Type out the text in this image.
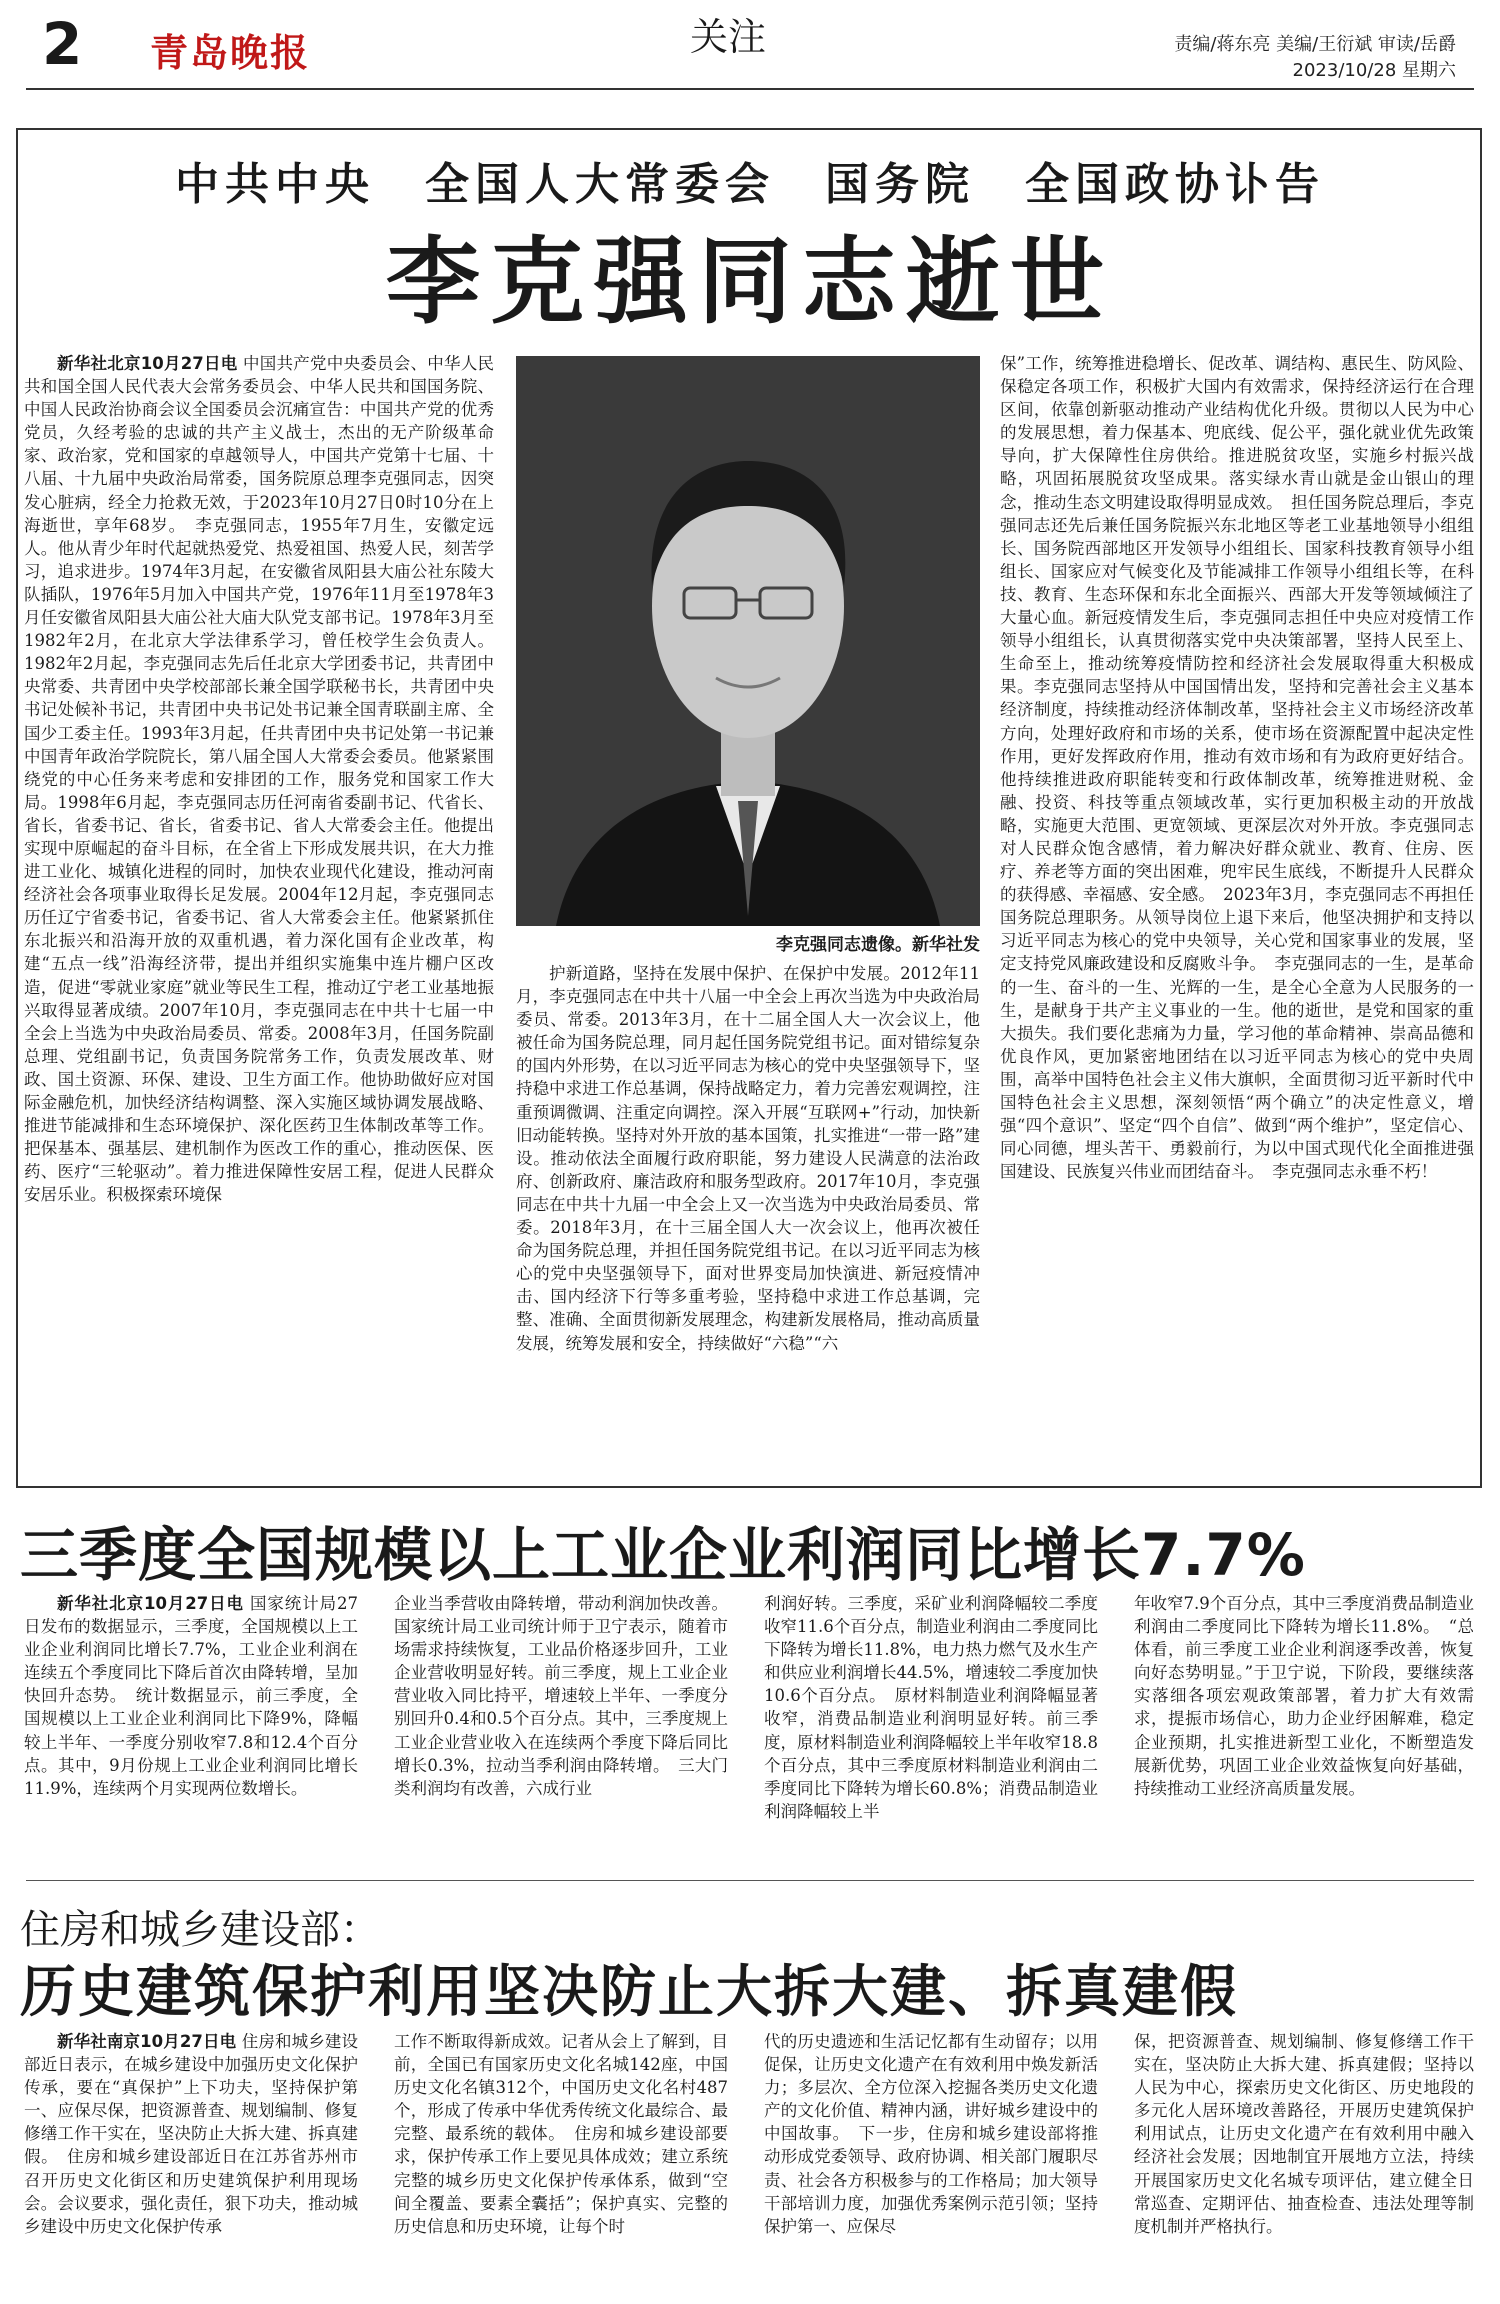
2 青岛晚报	关注	责编/蒋东亮 美编/王衍斌 审读/岳爵
2023/10/28 星期六
中共中央　全国人大常委会　国务院　全国政协讣告
李克强同志逝世
新华社北京10月27日电 中国共产党中央委员会、中华人民共和国全国人民代表大会常务委员会、中华人民共和国国务院、中国人民政治协商会议全国委员会沉痛宣告：中国共产党的优秀党员，久经考验的忠诚的共产主义战士，杰出的无产阶级革命家、政治家，党和国家的卓越领导人，中国共产党第十七届、十八届、十九届中央政治局常委，国务院原总理李克强同志，因突发心脏病，经全力抢救无效，于2023年10月27日0时10分在上海逝世，享年68岁。　李克强同志，1955年7月生，安徽定远人。他从青少年时代起就热爱党、热爱祖国、热爱人民，刻苦学习，追求进步。1974年3月起，在安徽省凤阳县大庙公社东陵大队插队，1976年5月加入中国共产党，1976年11月至1978年3月任安徽省凤阳县大庙公社大庙大队党支部书记。1978年3月至1982年2月，在北京大学法律系学习，曾任校学生会负责人。1982年2月起，李克强同志先后任北京大学团委书记，共青团中央常委、共青团中央学校部部长兼全国学联秘书长，共青团中央书记处候补书记，共青团中央书记处书记兼全国青联副主席、全国少工委主任。1993年3月起，任共青团中央书记处第一书记兼中国青年政治学院院长，第八届全国人大常委会委员。他紧紧围绕党的中心任务来考虑和安排团的工作，服务党和国家工作大局。1998年6月起，李克强同志历任河南省委副书记、代省长、省长，省委书记、省长，省委书记、省人大常委会主任。他提出实现中原崛起的奋斗目标，在全省上下形成发展共识，在大力推进工业化、城镇化进程的同时，加快农业现代化建设，推动河南经济社会各项事业取得长足发展。2004年12月起，李克强同志历任辽宁省委书记，省委书记、省人大常委会主任。他紧紧抓住东北振兴和沿海开放的双重机遇，着力深化国有企业改革，构建“五点一线”沿海经济带，提出并组织实施集中连片棚户区改造，促进“零就业家庭”就业等民生工程，推动辽宁老工业基地振兴取得显著成绩。2007年10月，李克强同志在中共十七届一中全会上当选为中央政治局委员、常委。2008年3月，任国务院副总理、党组副书记，负责国务院常务工作，负责发展改革、财政、国土资源、环保、建设、卫生方面工作。他协助做好应对国际金融危机，加快经济结构调整、深入实施区域协调发展战略、推进节能减排和生态环境保护、深化医药卫生体制改革等工作。把保基本、强基层、建机制作为医改工作的重心，推动医保、医药、医疗“三轮驱动”。着力推进保障性安居工程，促进人民群众安居乐业。积极探索环境保
李克强同志遗像。新华社发
护新道路，坚持在发展中保护、在保护中发展。2012年11月，李克强同志在中共十八届一中全会上再次当选为中央政治局委员、常委。2013年3月，在十二届全国人大一次会议上，他被任命为国务院总理，同月起任国务院党组书记。面对错综复杂的国内外形势，在以习近平同志为核心的党中央坚强领导下，坚持稳中求进工作总基调，保持战略定力，着力完善宏观调控，注重预调微调、注重定向调控。深入开展“互联网+”行动，加快新旧动能转换。坚持对外开放的基本国策，扎实推进“一带一路”建设。推动依法全面履行政府职能，努力建设人民满意的法治政府、创新政府、廉洁政府和服务型政府。2017年10月，李克强同志在中共十九届一中全会上又一次当选为中央政治局委员、常委。2018年3月，在十三届全国人大一次会议上，他再次被任命为国务院总理，并担任国务院党组书记。在以习近平同志为核心的党中央坚强领导下，面对世界变局加快演进、新冠疫情冲击、国内经济下行等多重考验，坚持稳中求进工作总基调，完整、准确、全面贯彻新发展理念，构建新发展格局，推动高质量发展，统筹发展和安全，持续做好“六稳”“六
保”工作，统筹推进稳增长、促改革、调结构、惠民生、防风险、保稳定各项工作，积极扩大国内有效需求，保持经济运行在合理区间，依靠创新驱动推动产业结构优化升级。贯彻以人民为中心的发展思想，着力保基本、兜底线、促公平，强化就业优先政策导向，扩大保障性住房供给。推进脱贫攻坚，实施乡村振兴战略，巩固拓展脱贫攻坚成果。落实绿水青山就是金山银山的理念，推动生态文明建设取得明显成效。　担任国务院总理后，李克强同志还先后兼任国务院振兴东北地区等老工业基地领导小组组长、国务院西部地区开发领导小组组长、国家科技教育领导小组组长、国家应对气候变化及节能减排工作领导小组组长等，在科技、教育、生态环保和东北全面振兴、西部大开发等领域倾注了大量心血。新冠疫情发生后，李克强同志担任中央应对疫情工作领导小组组长，认真贯彻落实党中央决策部署，坚持人民至上、生命至上，推动统筹疫情防控和经济社会发展取得重大积极成果。李克强同志坚持从中国国情出发，坚持和完善社会主义基本经济制度，持续推动经济体制改革，坚持社会主义市场经济改革方向，处理好政府和市场的关系，使市场在资源配置中起决定性作用，更好发挥政府作用，推动有效市场和有为政府更好结合。他持续推进政府职能转变和行政体制改革，统筹推进财税、金融、投资、科技等重点领域改革，实行更加积极主动的开放战略，实施更大范围、更宽领域、更深层次对外开放。李克强同志对人民群众饱含感情，着力解决好群众就业、教育、住房、医疗、养老等方面的突出困难，兜牢民生底线，不断提升人民群众的获得感、幸福感、安全感。　2023年3月，李克强同志不再担任国务院总理职务。从领导岗位上退下来后，他坚决拥护和支持以习近平同志为核心的党中央领导，关心党和国家事业的发展，坚定支持党风廉政建设和反腐败斗争。　李克强同志的一生，是革命的一生、奋斗的一生、光辉的一生，是全心全意为人民服务的一生，是献身于共产主义事业的一生。他的逝世，是党和国家的重大损失。我们要化悲痛为力量，学习他的革命精神、崇高品德和优良作风，更加紧密地团结在以习近平同志为核心的党中央周围，高举中国特色社会主义伟大旗帜，全面贯彻习近平新时代中国特色社会主义思想，深刻领悟“两个确立”的决定性意义，增强“四个意识”、坚定“四个自信”、做到“两个维护”，坚定信心、同心同德，埋头苦干、勇毅前行，为以中国式现代化全面推进强国建设、民族复兴伟业而团结奋斗。　李克强同志永垂不朽！
三季度全国规模以上工业企业利润同比增长7.7%
新华社北京10月27日电 国家统计局27日发布的数据显示，三季度，全国规模以上工业企业利润同比增长7.7%，工业企业利润在连续五个季度同比下降后首次由降转增，呈加快回升态势。　统计数据显示，前三季度，全国规模以上工业企业利润同比下降9%，降幅较上半年、一季度分别收窄7.8和12.4个百分点。其中，9月份规上工业企业利润同比增长11.9%，连续两个月实现两位数增长。
企业当季营收由降转增，带动利润加快改善。国家统计局工业司统计师于卫宁表示，随着市场需求持续恢复，工业品价格逐步回升，工业企业营收明显好转。前三季度，规上工业企业营业收入同比持平，增速较上半年、一季度分别回升0.4和0.5个百分点。其中，三季度规上工业企业营业收入在连续两个季度下降后同比增长0.3%，拉动当季利润由降转增。　三大门类利润均有改善，六成行业
利润好转。三季度，采矿业利润降幅较二季度收窄11.6个百分点，制造业利润由二季度同比下降转为增长11.8%，电力热力燃气及水生产和供应业利润增长44.5%，增速较二季度加快10.6个百分点。　原材料制造业利润降幅显著收窄，消费品制造业利润明显好转。前三季度，原材料制造业利润降幅较上半年收窄18.8个百分点，其中三季度原材料制造业利润由二季度同比下降转为增长60.8%；消费品制造业利润降幅较上半
年收窄7.9个百分点，其中三季度消费品制造业利润由二季度同比下降转为增长11.8%。　“总体看，前三季度工业企业利润逐季改善，恢复向好态势明显。”于卫宁说，下阶段，要继续落实落细各项宏观政策部署，着力扩大有效需求，提振市场信心，助力企业纾困解难，稳定企业预期，扎实推进新型工业化，不断塑造发展新优势，巩固工业企业效益恢复向好基础，持续推动工业经济高质量发展。
住房和城乡建设部：
历史建筑保护利用坚决防止大拆大建、拆真建假
新华社南京10月27日电 住房和城乡建设部近日表示，在城乡建设中加强历史文化保护传承，要在“真保护”上下功夫，坚持保护第一、应保尽保，把资源普查、规划编制、修复修缮工作干实在，坚决防止大拆大建、拆真建假。　住房和城乡建设部近日在江苏省苏州市召开历史文化街区和历史建筑保护利用现场会。会议要求，强化责任，狠下功夫，推动城乡建设中历史文化保护传承
工作不断取得新成效。记者从会上了解到，目前，全国已有国家历史文化名城142座，中国历史文化名镇312个，中国历史文化名村487个，形成了传承中华优秀传统文化最综合、最完整、最系统的载体。　住房和城乡建设部要求，保护传承工作上要见具体成效；建立系统完整的城乡历史文化保护传承体系，做到“空间全覆盖、要素全囊括”；保护真实、完整的历史信息和历史环境，让每个时
代的历史遗迹和生活记忆都有生动留存；以用促保，让历史文化遗产在有效利用中焕发新活力；多层次、全方位深入挖掘各类历史文化遗产的文化价值、精神内涵，讲好城乡建设中的中国故事。　下一步，住房和城乡建设部将推动形成党委领导、政府协调、相关部门履职尽责、社会各方积极参与的工作格局；加大领导干部培训力度，加强优秀案例示范引领；坚持保护第一、应保尽
保，把资源普查、规划编制、修复修缮工作干实在，坚决防止大拆大建、拆真建假；坚持以人民为中心，探索历史文化街区、历史地段的多元化人居环境改善路径，开展历史建筑保护利用试点，让历史文化遗产在有效利用中融入经济社会发展；因地制宜开展地方立法，持续开展国家历史文化名城专项评估，建立健全日常巡查、定期评估、抽查检查、违法处理等制度机制并严格执行。
